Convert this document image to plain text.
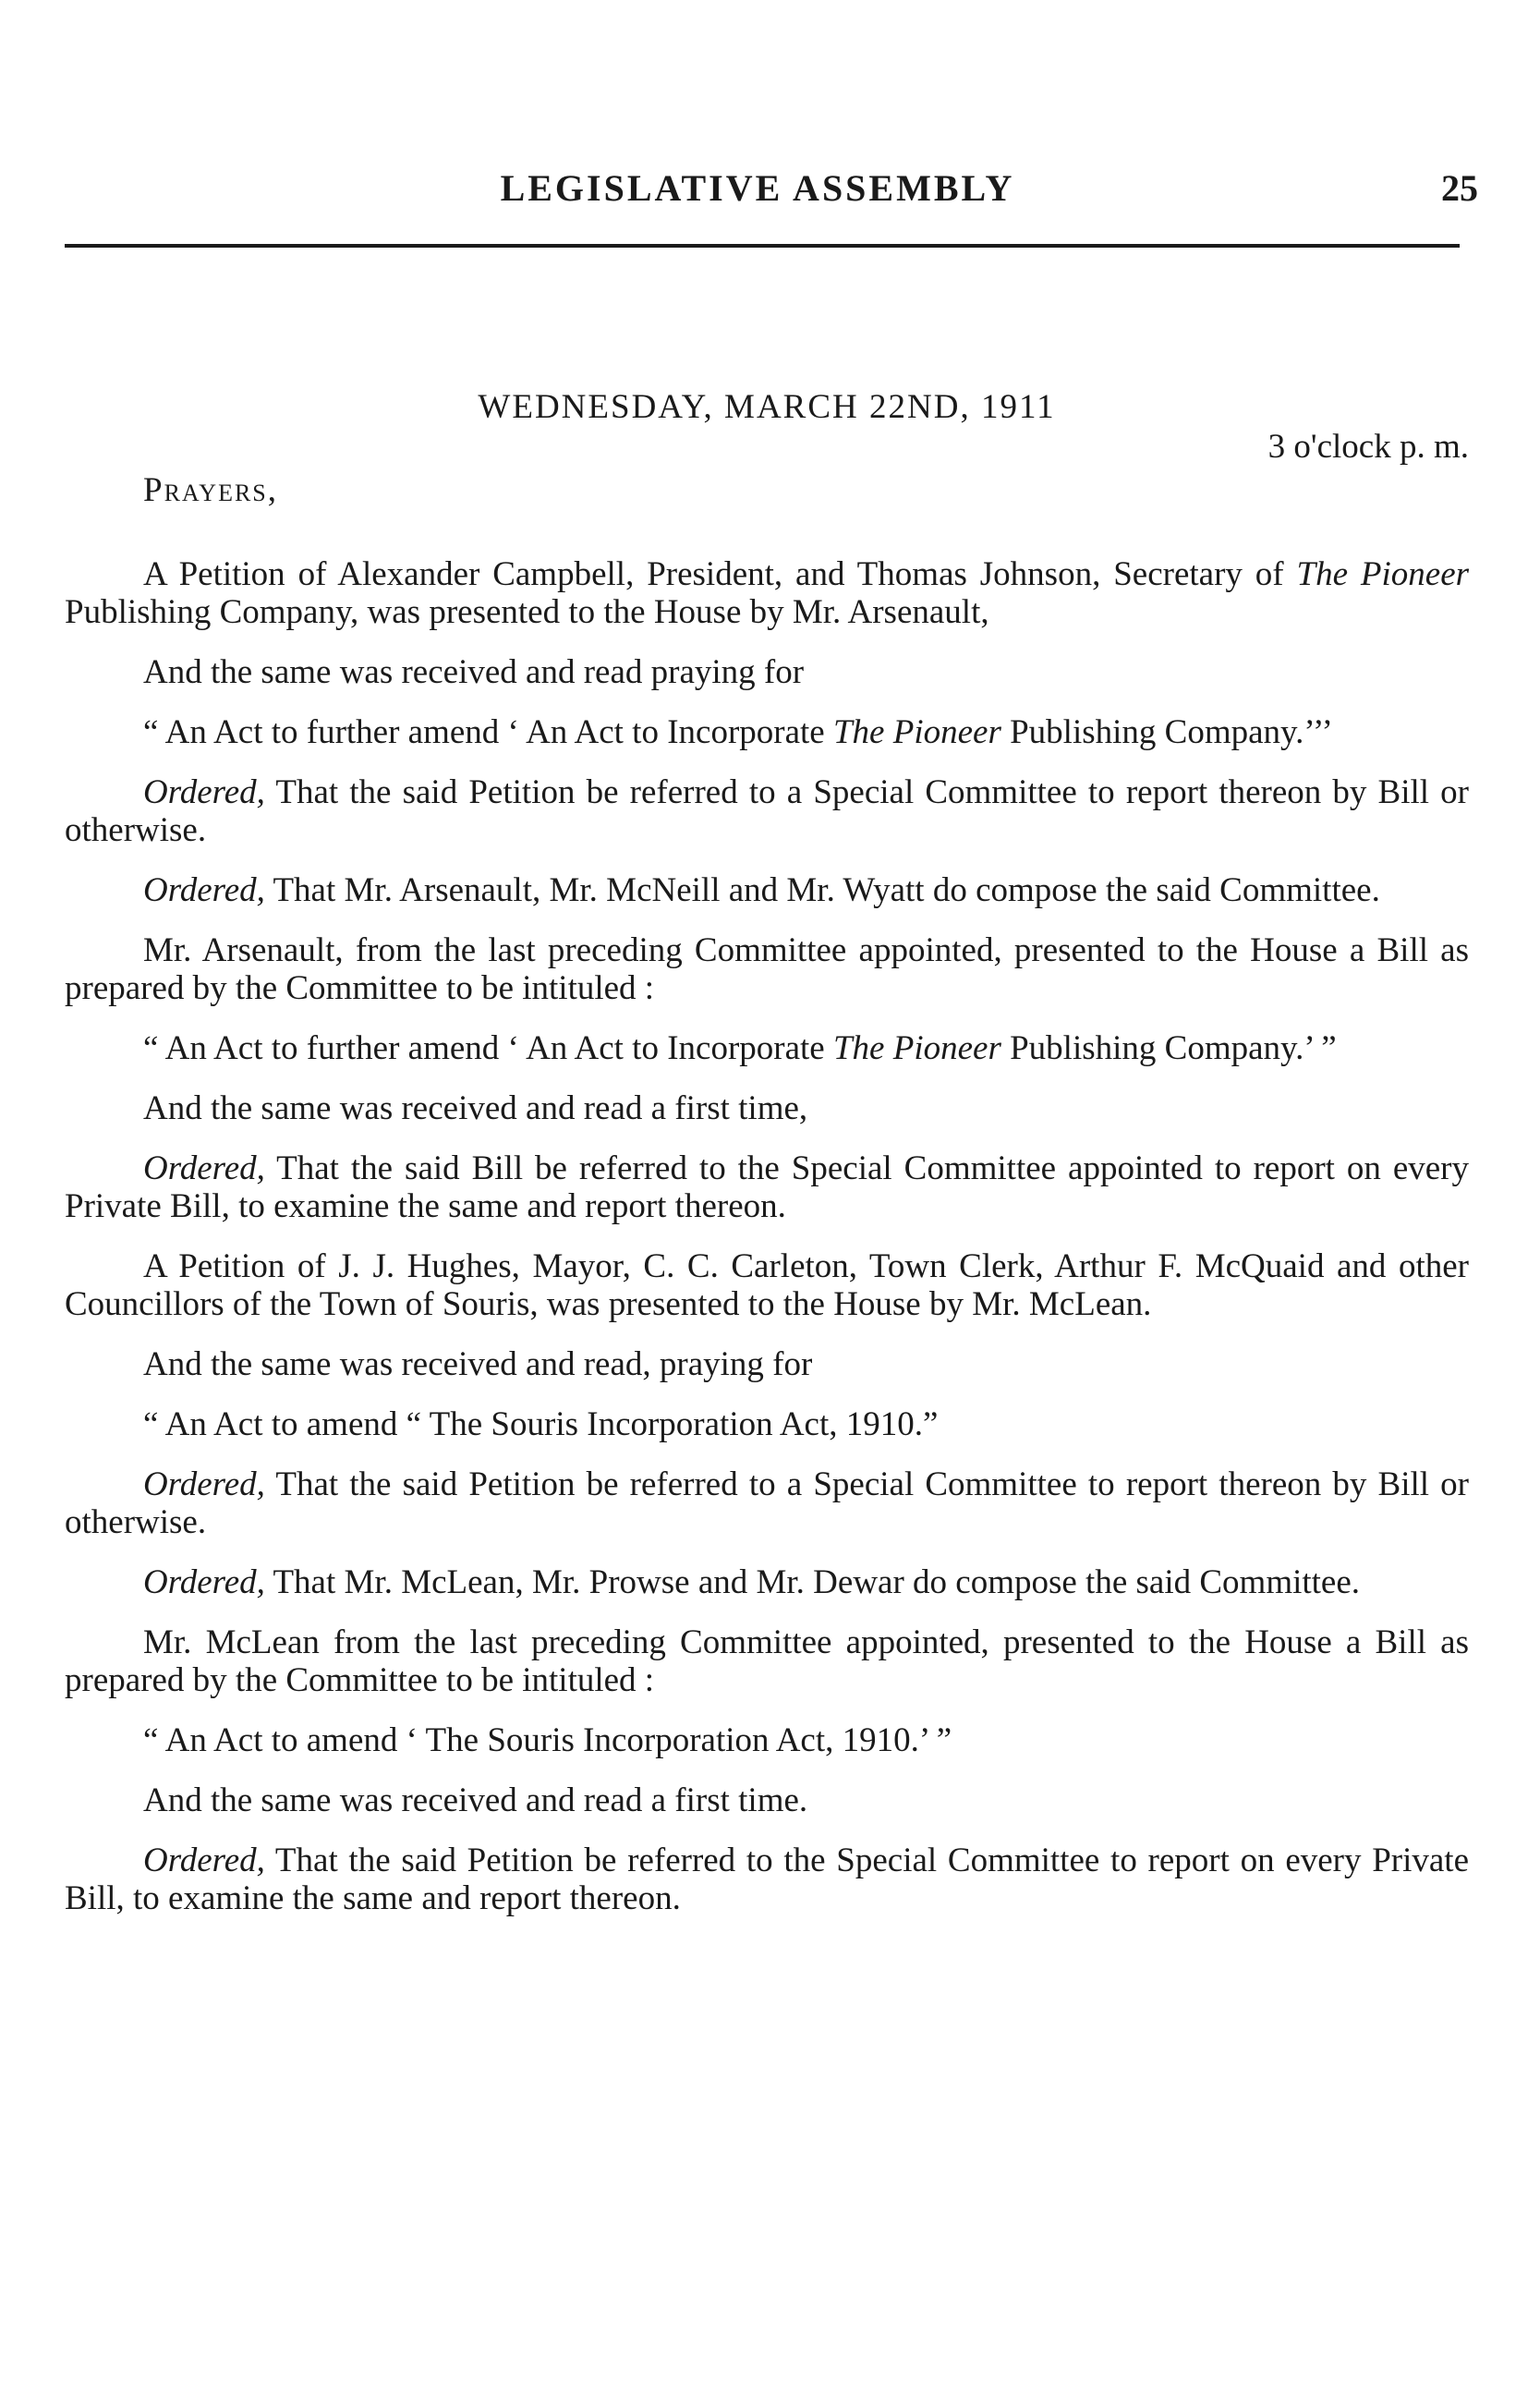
LEGISLATIVE ASSEMBLY	25
WEDNESDAY, MARCH 22ND, 1911
3 o'clock p. m.
Prayers,

A Petition of Alexander Campbell, President, and Thomas Johnson, Secretary of The Pioneer Publishing Company, was presented to the House by Mr. Arsenault,

And the same was received and read praying for

“ An Act to further amend ‘ An Act to Incorporate The Pioneer Publishing Company.’’’

Ordered, That the said Petition be referred to a Special Committee to report thereon by Bill or otherwise.

Ordered, That Mr. Arsenault, Mr. McNeill and Mr. Wyatt do compose the said Committee.

Mr. Arsenault, from the last preceding Committee appointed, presented to the House a Bill as prepared by the Committee to be intituled :

“ An Act to further amend ‘ An Act to Incorporate The Pioneer Publishing Company.’ ”

And the same was received and read a first time,

Ordered, That the said Bill be referred to the Special Committee appointed to report on every Private Bill, to examine the same and report thereon.

A Petition of J. J. Hughes, Mayor, C. C. Carleton, Town Clerk, Arthur F. McQuaid and other Councillors of the Town of Souris, was presented to the House by Mr. McLean.

And the same was received and read, praying for

“ An Act to amend “ The Souris Incorporation Act, 1910.”

Ordered, That the said Petition be referred to a Special Committee to report thereon by Bill or otherwise.

Ordered, That Mr. McLean, Mr. Prowse and Mr. Dewar do compose the said Committee.

Mr. McLean from the last preceding Committee appointed, presented to the House a Bill as prepared by the Committee to be intituled :

“ An Act to amend ‘ The Souris Incorporation Act, 1910.’ ”

And the same was received and read a first time.

Ordered, That the said Petition be referred to the Special Committee to report on every Private Bill, to examine the same and report thereon.
